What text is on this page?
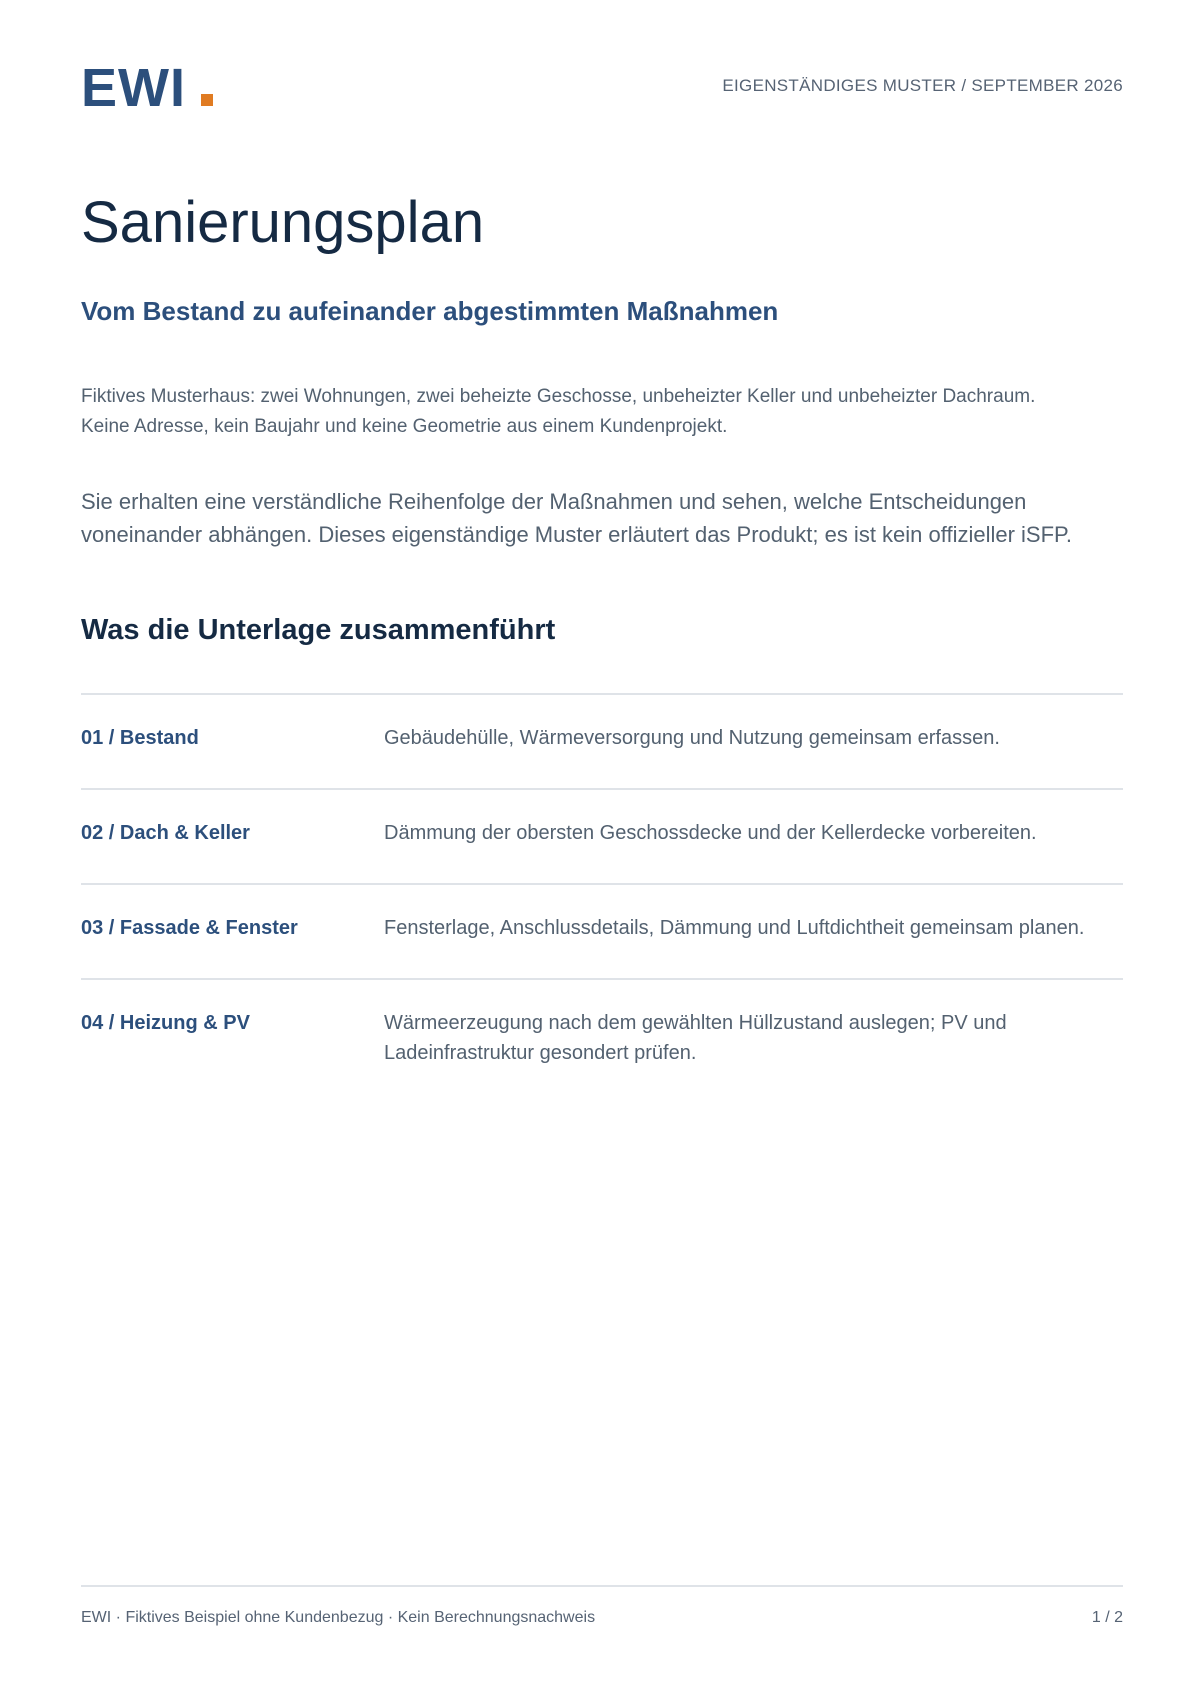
EWI	EIGENSTÄNDIGES MUSTER / SEPTEMBER 2026
Sanierungsplan
Vom Bestand zu aufeinander abgestimmten Maßnahmen

Fiktives Musterhaus: zwei Wohnungen, zwei beheizte Geschosse, unbeheizter Keller und unbeheizter Dachraum.
Keine Adresse, kein Baujahr und keine Geometrie aus einem Kundenprojekt.

Sie erhalten eine verständliche Reihenfolge der Maßnahmen und sehen, welche Entscheidungen
voneinander abhängen. Dieses eigenständige Muster erläutert das Produkt; es ist kein offizieller iSFP.

Was die Unterlage zusammenführt
01 / Bestand	Gebäudehülle, Wärmeversorgung und Nutzung gemeinsam erfassen.
02 / Dach & Keller	Dämmung der obersten Geschossdecke und der Kellerdecke vorbereiten.
03 / Fassade & Fenster	Fensterlage, Anschlussdetails, Dämmung und Luftdichtheit gemeinsam planen.
04 / Heizung & PV	Wärmeerzeugung nach dem gewählten Hüllzustand auslegen; PV und Ladeinfrastruktur gesondert prüfen.
EWI · Fiktives Beispiel ohne Kundenbezug · Kein Berechnungsnachweis	1 / 2
